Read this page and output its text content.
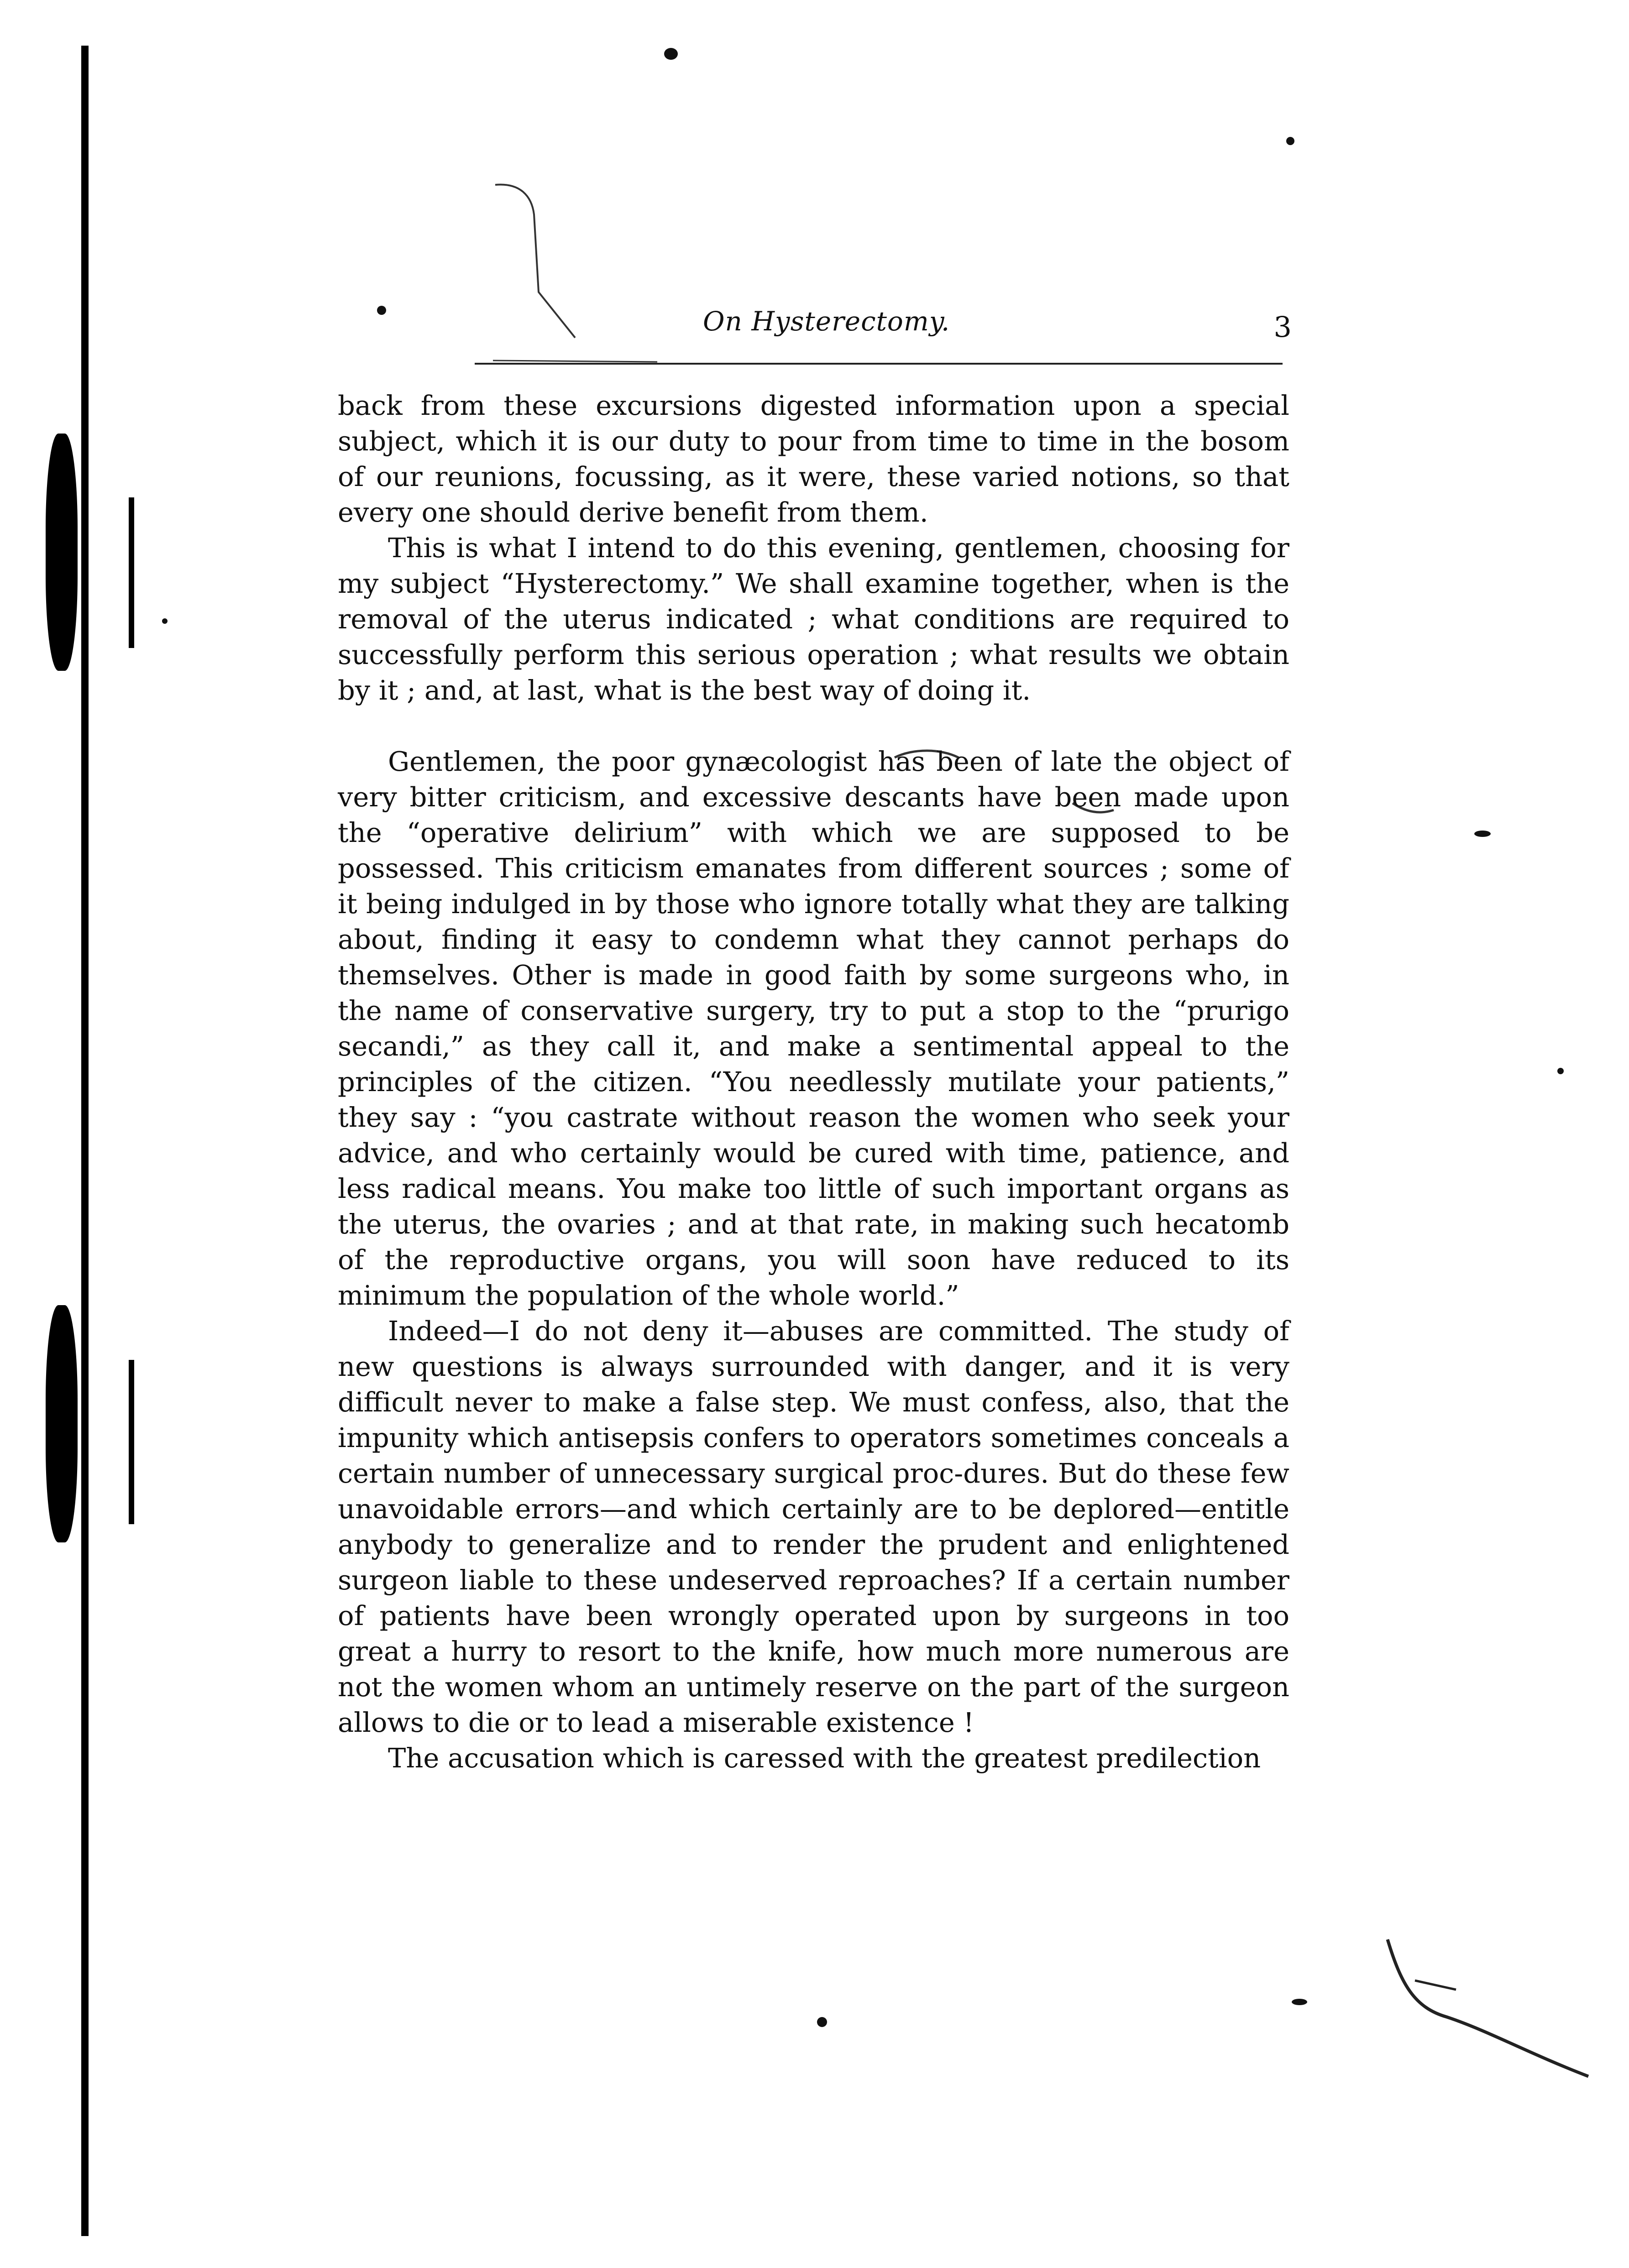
On Hysterectomy.	3

back from these excursions digested information upon a special subject, which it is our duty to pour from time to time in the bosom of our reunions, focussing, as it were, these varied notions, so that every one should derive benefit from them.

This is what I intend to do this evening, gentlemen, choosing for my subject “Hysterectomy.” We shall examine together, when is the removal of the uterus indicated ; what conditions are required to successfully perform this serious operation ; what results we obtain by it ; and, at last, what is the best way of doing it.

Gentlemen, the poor gynæcologist has been of late the object of very bitter criticism, and excessive descants have been made upon the “operative delirium” with which we are supposed to be possessed. This criticism emanates from different sources ; some of it being indulged in by those who ignore totally what they are talking about, finding it easy to condemn what they cannot perhaps do themselves. Other is made in good faith by some surgeons who, in the name of conservative surgery, try to put a stop to the “prurigo secandi,” as they call it, and make a sentimental appeal to the principles of the citizen. “You needlessly mutilate your patients,” they say : “you castrate without reason the women who seek your advice, and who certainly would be cured with time, patience, and less radical means. You make too little of such important organs as the uterus, the ovaries ; and at that rate, in making such hecatomb of the reproductive organs, you will soon have reduced to its minimum the population of the whole world.”

Indeed—I do not deny it—abuses are committed. The study of new questions is always surrounded with danger, and it is very difficult never to make a false step. We must confess, also, that the impunity which antisepsis confers to operators sometimes conceals a certain number of unnecessary surgical proc-dures. But do these few unavoidable errors—and which certainly are to be deplored—entitle anybody to generalize and to render the prudent and enlightened surgeon liable to these undeserved reproaches? If a certain number of patients have been wrongly operated upon by surgeons in too great a hurry to resort to the knife, how much more numerous are not the women whom an untimely reserve on the part of the surgeon allows to die or to lead a miserable existence !

The accusation which is caressed with the greatest predilection
